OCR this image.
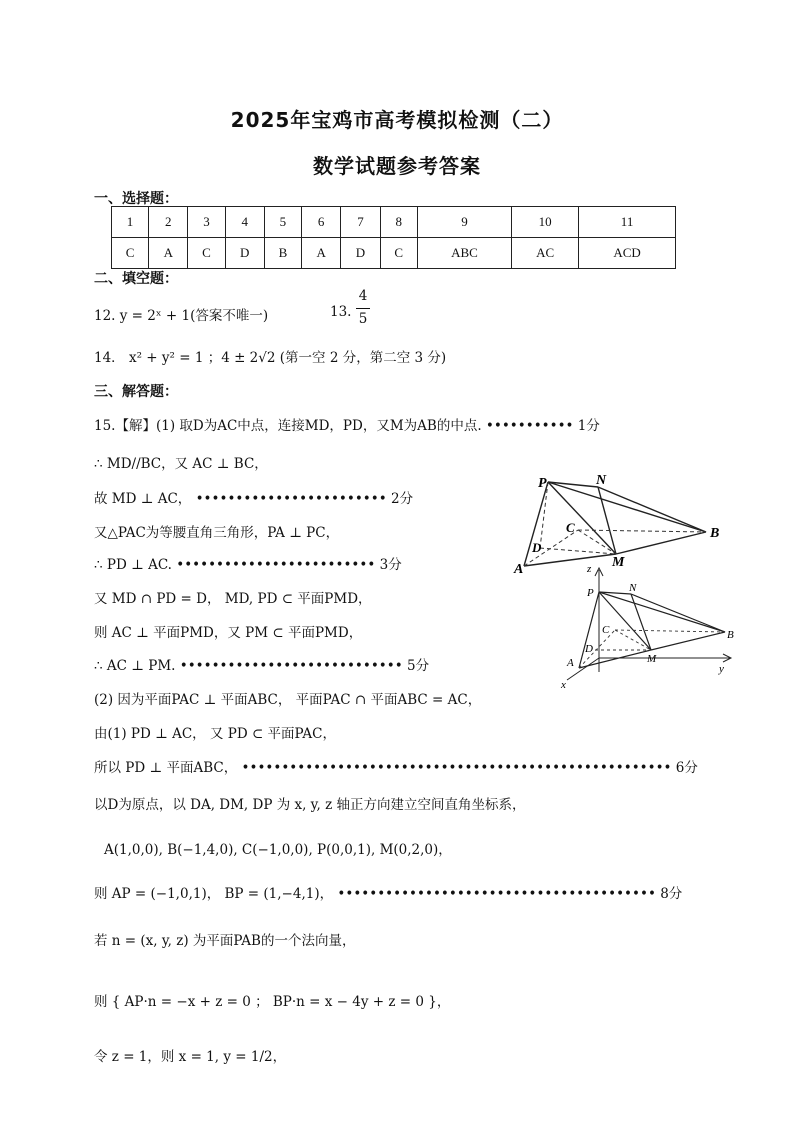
2025年宝鸡市高考模拟检测（二）
数学试题参考答案
一、选择题：
1	2	3	4	5	6	7	8	9	10	11
C	A	C	D	B	A	D	C	ABC	AC	ACD
二、填空题：
12. y = 2ˣ + 1(答案不唯一)	13.
4
5
14． x² + y² = 1 ；4 ± 2√2 (第一空 2 分，第二空 3 分)
三、解答题：
15.【解】(1) 取D为AC中点，连接MD，PD，又M为AB的中点. ••••••••••• 1分
∴ MD//BC，又 AC ⊥ BC，
故 MD ⊥ AC， •••••••••••••••••••••••• 2分
又△PAC为等腰直角三角形，PA ⊥ PC，
∴ PD ⊥ AC. ••••••••••••••••••••••••• 3分
又 MD ∩ PD = D， MD, PD ⊂ 平面PMD，
则 AC ⊥ 平面PMD，又 PM ⊂ 平面PMD，
∴ AC ⊥ PM. •••••••••••••••••••••••••••• 5分
(2) 因为平面PAC ⊥ 平面ABC， 平面PAC ∩ 平面ABC = AC，
由(1) PD ⊥ AC， 又 PD ⊂ 平面PAC，
所以 PD ⊥ 平面ABC， •••••••••••••••••••••••••••••••••••••••••••••••••••••• 6分
以D为原点，以 DA, DM, DP 为 x, y, z 轴正方向建立空间直角坐标系，
A(1,0,0), B(−1,4,0), C(−1,0,0), P(0,0,1), M(0,2,0)，
则 AP = (−1,0,1)， BP = (1,−4,1)， •••••••••••••••••••••••••••••••••••••••• 8分
若 n = (x, y, z) 为平面PAB的一个法向量，
则 { AP·n = −x + z = 0 ； BP·n = x − 4y + z = 0 }，
令 z = 1，则 x = 1, y = 1/2，
P	N
C	B
D
A	M
z
P	N
C	B
D
A	M
y
x
